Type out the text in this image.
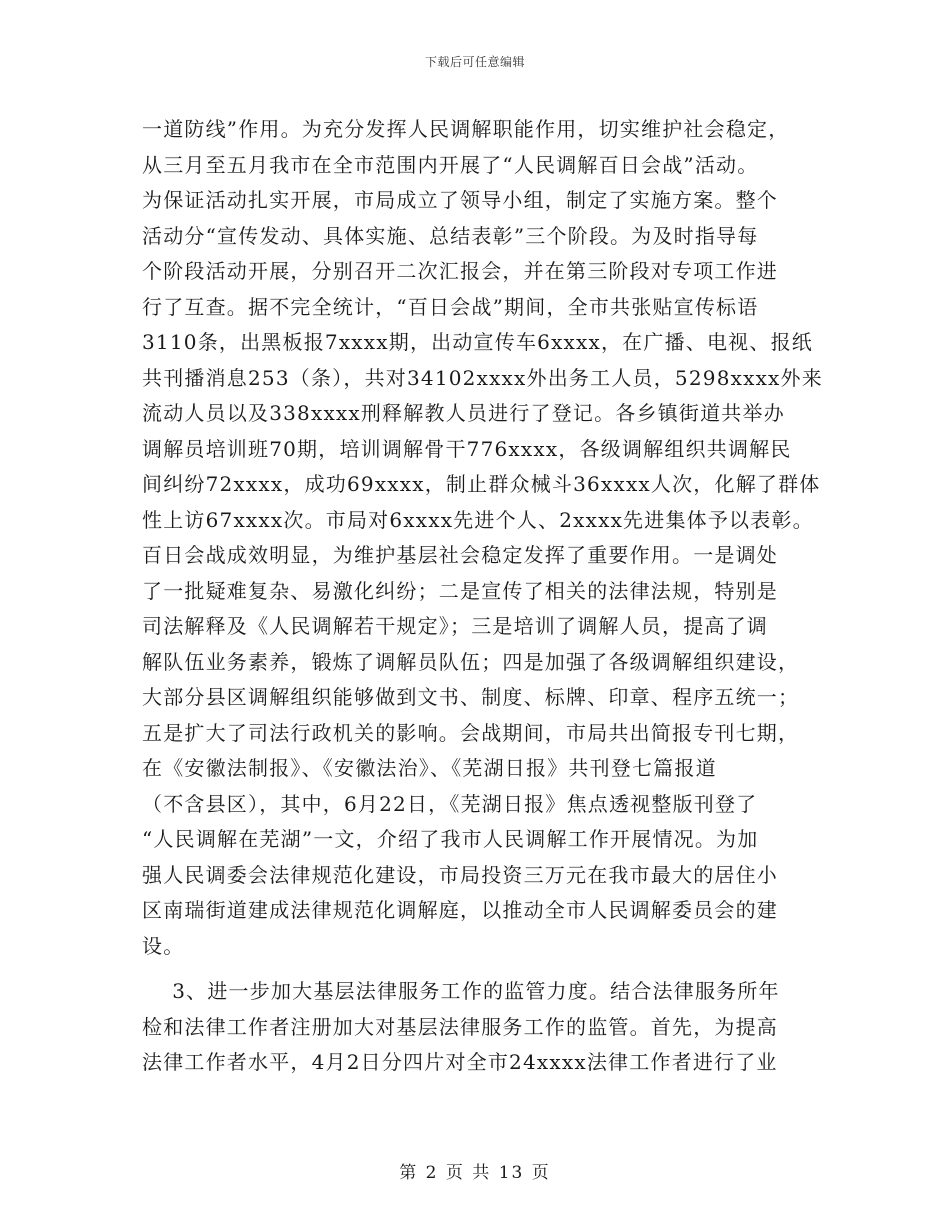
下载后可任意编辑
一道防线”作用。为充分发挥人民调解职能作用，切实维护社会稳定，
从三月至五月我市在全市范围内开展了“人民调解百日会战”活动。
为保证活动扎实开展，市局成立了领导小组，制定了实施方案。整个
活动分“宣传发动、具体实施、总结表彰”三个阶段。为及时指导每
个阶段活动开展，分别召开二次汇报会，并在第三阶段对专项工作进
行了互查。据不完全统计，“百日会战”期间，全市共张贴宣传标语
3110条，出黑板报7xxxx期，出动宣传车6xxxx，在广播、电视、报纸
共刊播消息253（条），共对34102xxxx外出务工人员，5298xxxx外来
流动人员以及338xxxx刑释解教人员进行了登记。各乡镇街道共举办
调解员培训班70期，培训调解骨干776xxxx，各级调解组织共调解民
间纠纷72xxxx，成功69xxxx，制止群众械斗36xxxx人次，化解了群体
性上访67xxxx次。市局对6xxxx先进个人、2xxxx先进集体予以表彰。
百日会战成效明显，为维护基层社会稳定发挥了重要作用。一是调处
了一批疑难复杂、易激化纠纷；二是宣传了相关的法律法规，特别是
司法解释及《人民调解若干规定》；三是培训了调解人员，提高了调
解队伍业务素养，锻炼了调解员队伍；四是加强了各级调解组织建设，
大部分县区调解组织能够做到文书、制度、标牌、印章、程序五统一；
五是扩大了司法行政机关的影响。会战期间，市局共出简报专刊七期，
在《安徽法制报》、《安徽法治》、《芜湖日报》共刊登七篇报道
（不含县区），其中，6月22日，《芜湖日报》焦点透视整版刊登了
“人民调解在芜湖”一文，介绍了我市人民调解工作开展情况。为加
强人民调委会法律规范化建设，市局投资三万元在我市最大的居住小
区南瑞街道建成法律规范化调解庭，以推动全市人民调解委员会的建
设。
3、进一步加大基层法律服务工作的监管力度。结合法律服务所年
检和法律工作者注册加大对基层法律服务工作的监管。首先，为提高
法律工作者水平，4月2日分四片对全市24xxxx法律工作者进行了业
第 2 页 共 13 页
